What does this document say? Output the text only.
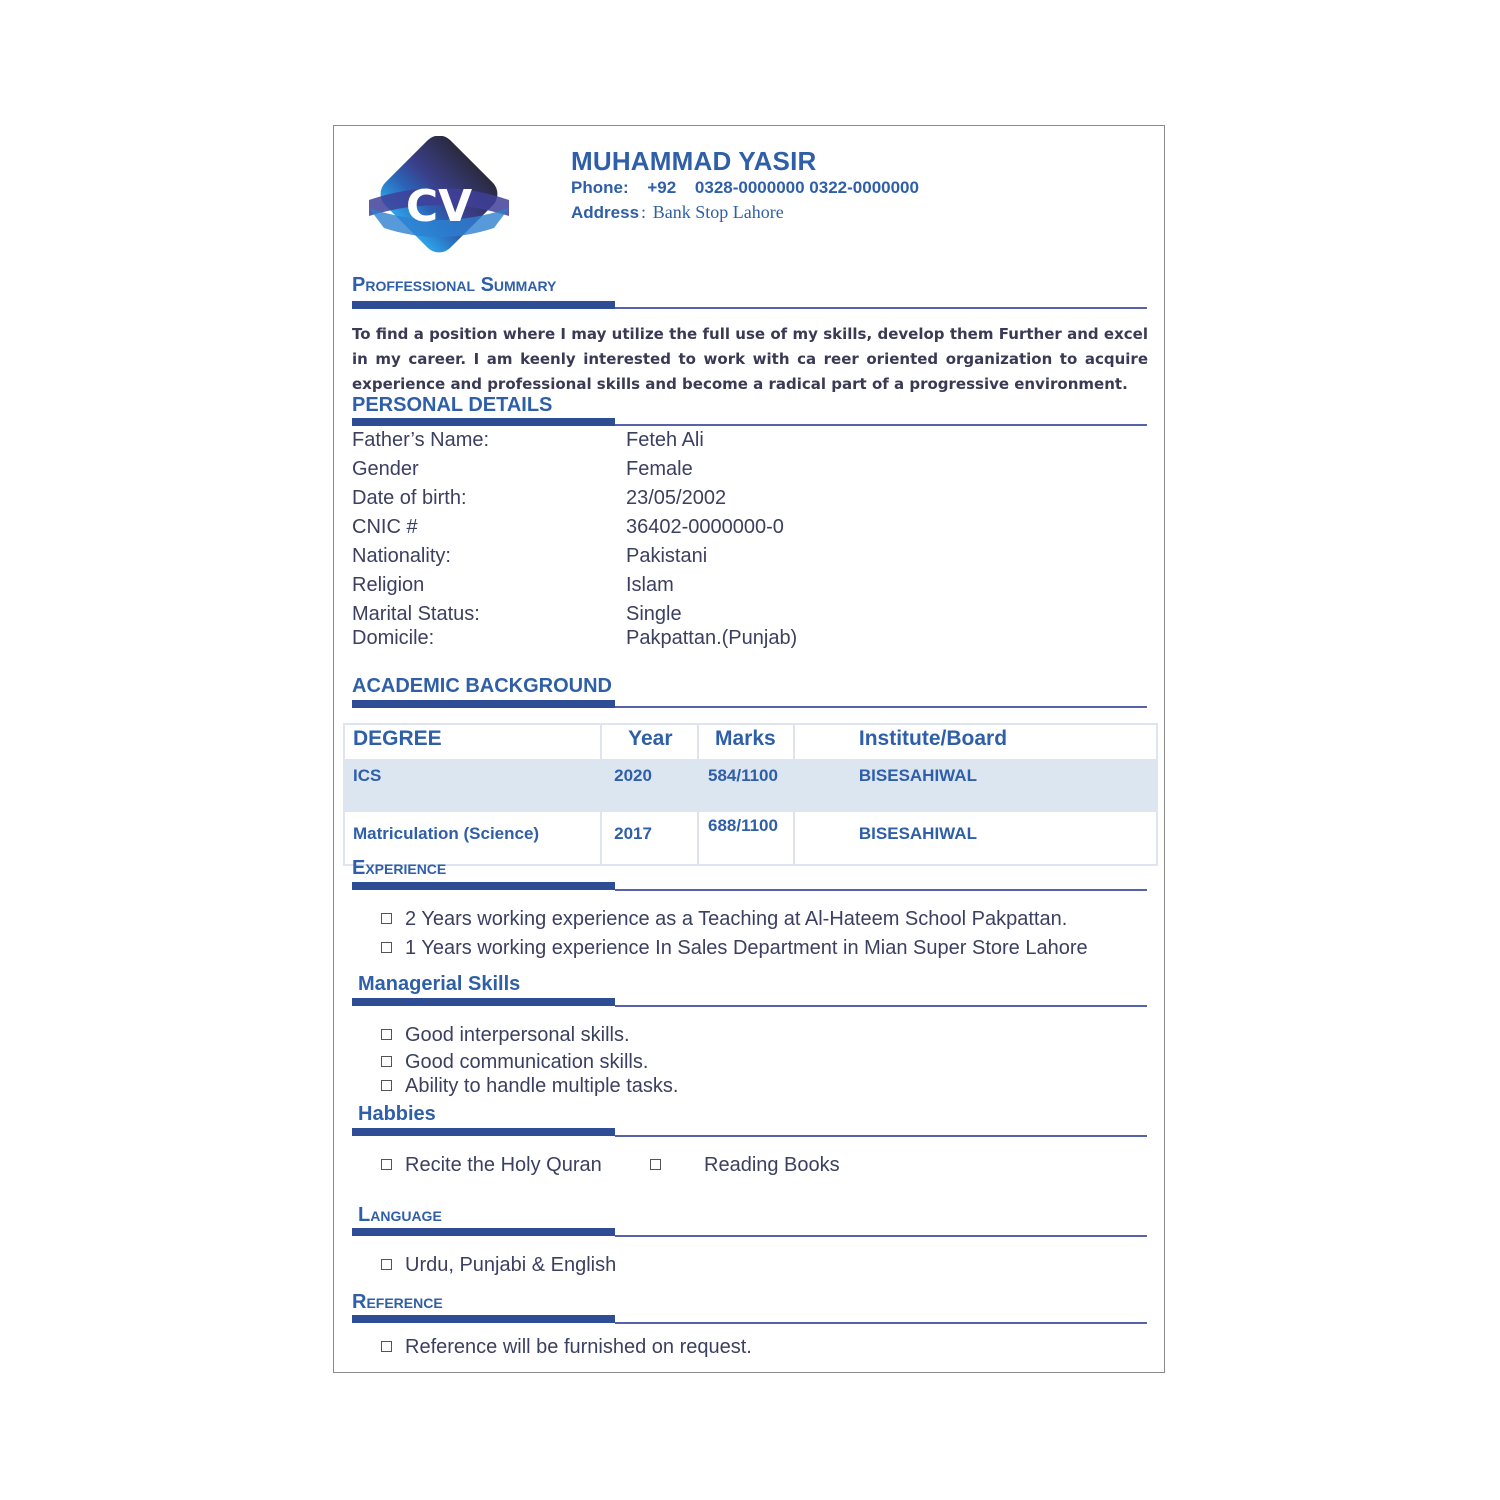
CV
MUHAMMAD YASIR
Phone: +92 0328-0000000 0322-0000000
Address : Bank Stop Lahore
Proffessional Summary
To find a position where I may utilize the full use of my skills, develop them Further and excel in my career. I am keenly interested to work with ca reer oriented organization to acquire experience and professional skills and become a radical part of a progressive environment.
PERSONAL DETAILS
Father’s Name:	Feteh Ali
Gender	Female
Date of birth:	23/05/2002
CNIC #	36402-0000000-0
Nationality:	Pakistani
Religion	Islam
Marital Status:	Single
Domicile:	Pakpattan.(Punjab)
ACADEMIC BACKGROUND
DEGREE	Year	Marks	Institute/Board
ICS	2020	584/1100	BISESAHIWAL
Matriculation (Science)	2017	688/1100	BISESAHIWAL
Experience
2 Years working experience as a Teaching at Al-Hateem School Pakpattan.
1 Years working experience In Sales Department in Mian Super Store Lahore
Managerial Skills
Good interpersonal skills.
Good communication skills.
Ability to handle multiple tasks.
Habbies
Recite the Holy Quran	Reading Books
Language
Urdu, Punjabi & English
Reference
Reference will be furnished on request.
